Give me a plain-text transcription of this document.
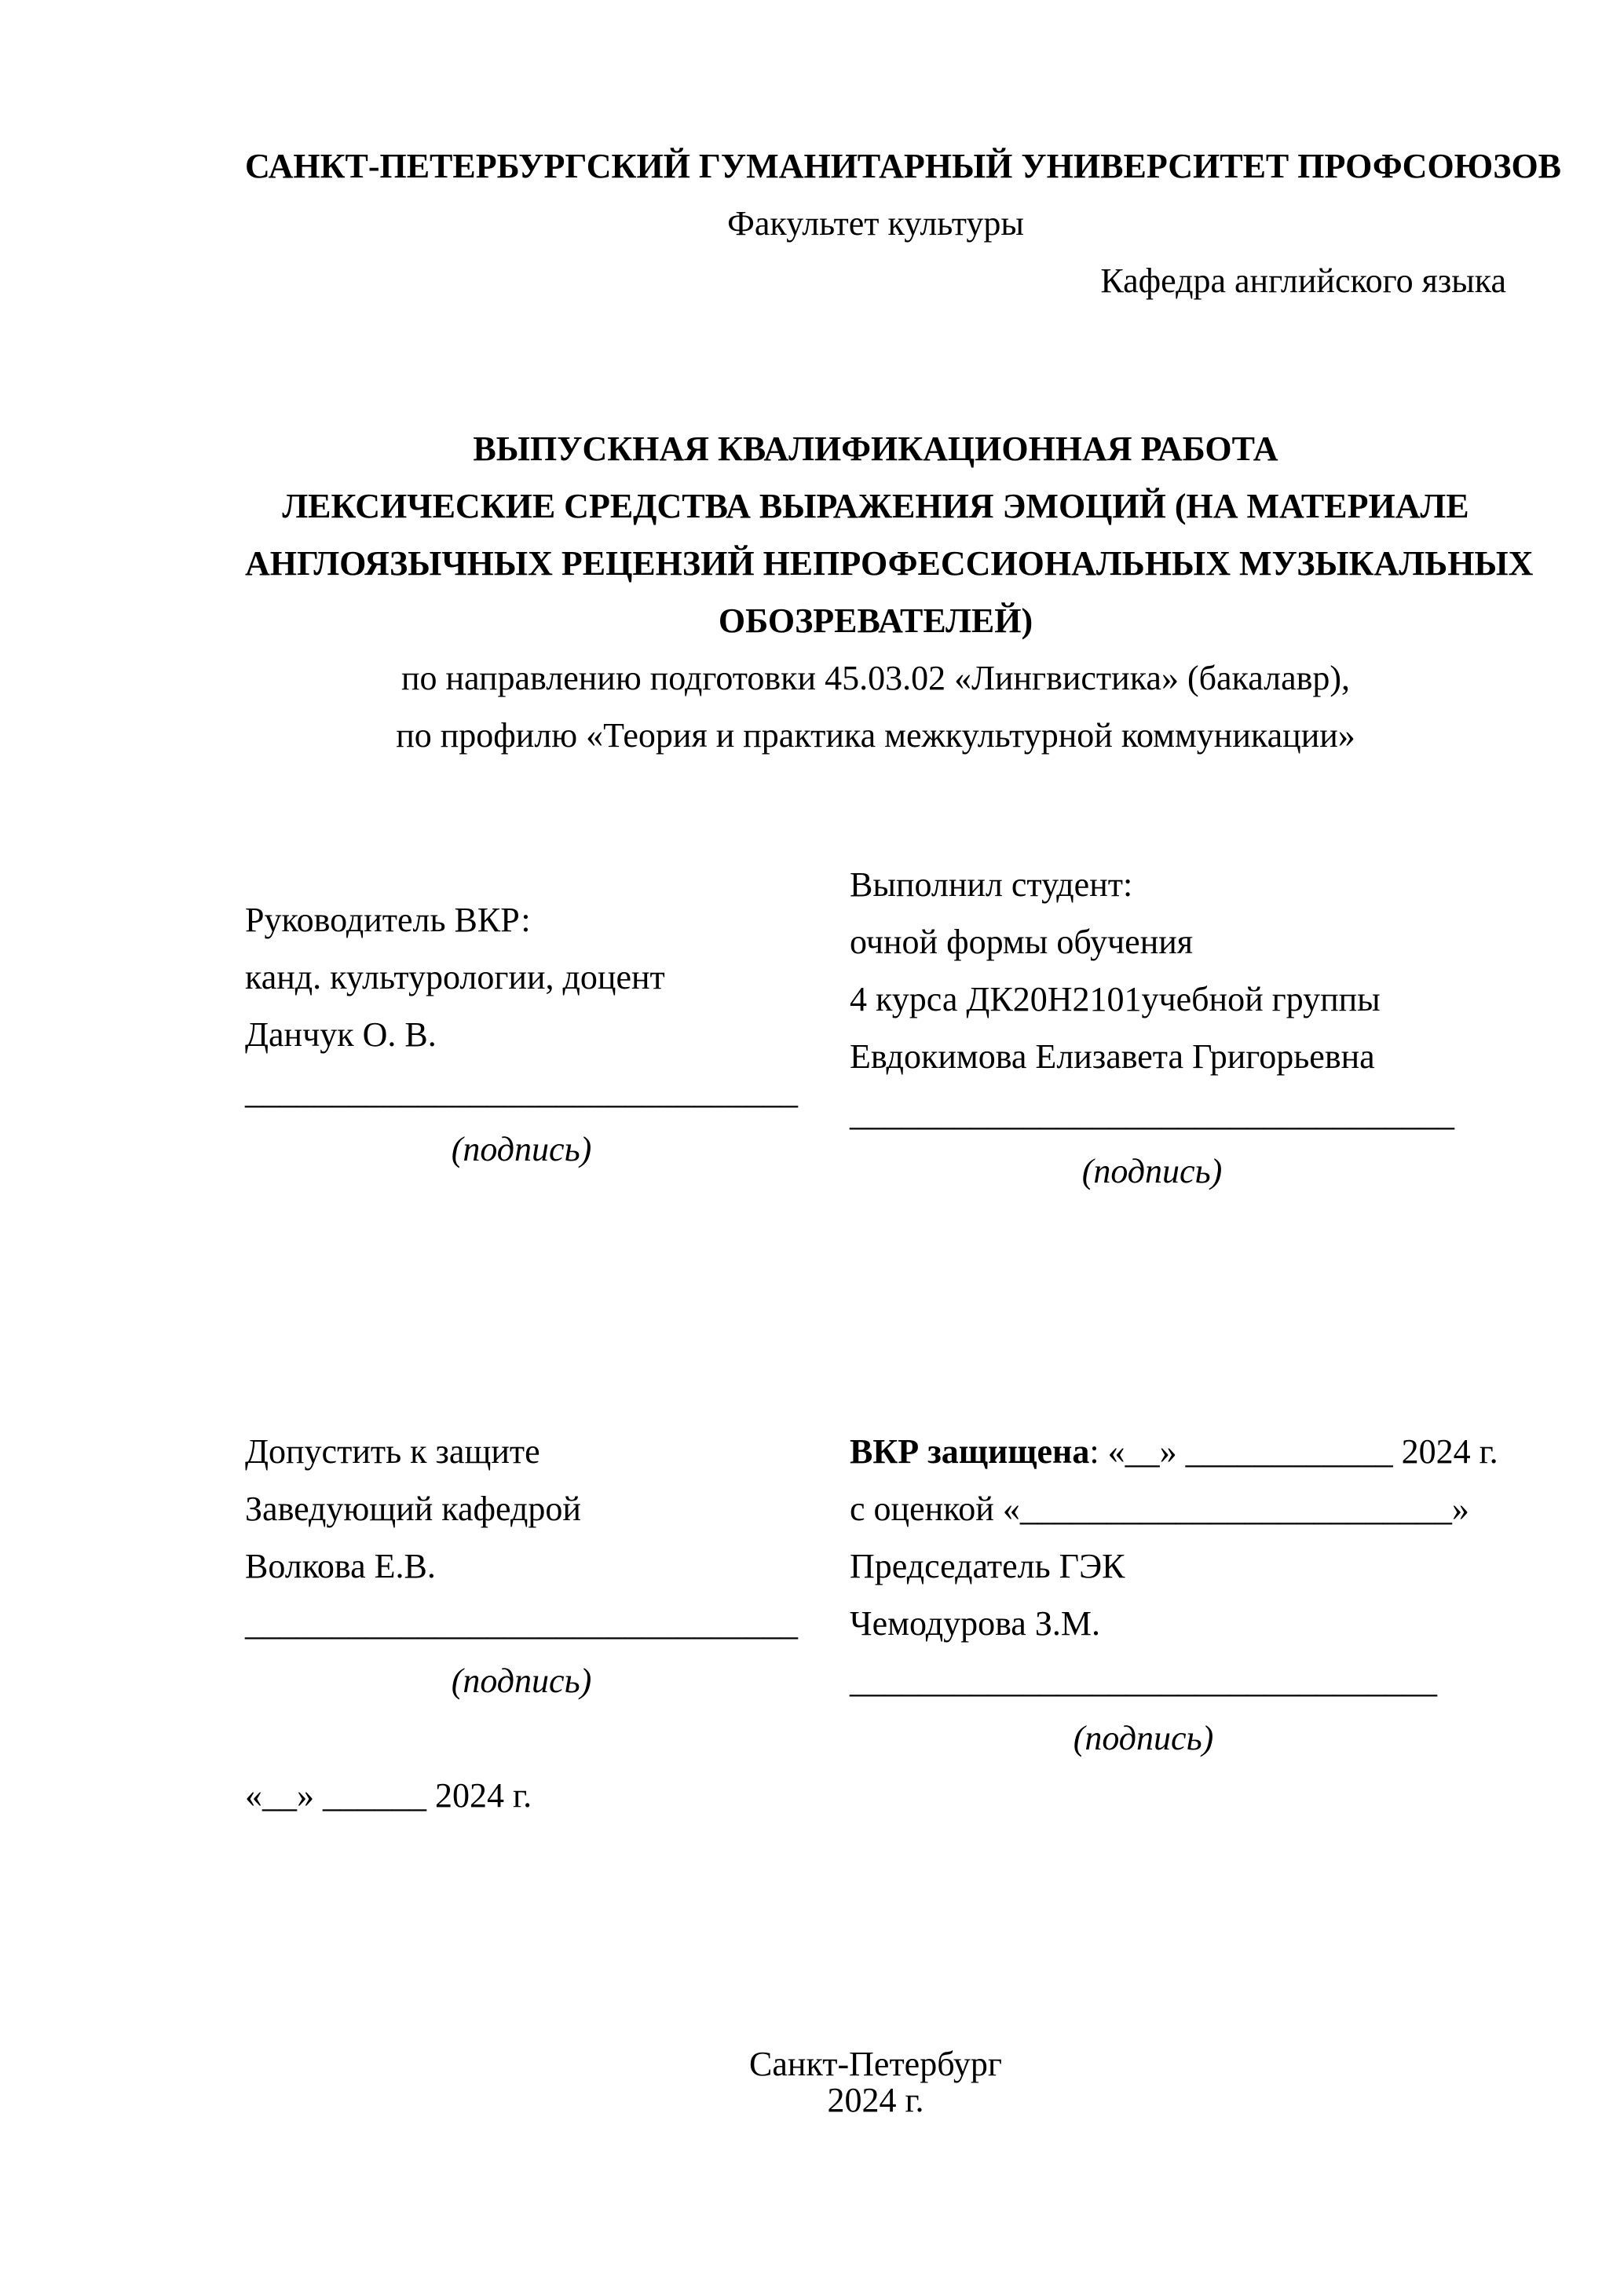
САНКТ-ПЕТЕРБУРГСКИЙ ГУМАНИТАРНЫЙ УНИВЕРСИТЕТ ПРОФСОЮЗОВ

Факультет культуры

Кафедра английского языка

ВЫПУСКНАЯ КВАЛИФИКАЦИОННАЯ РАБОТА

ЛЕКСИЧЕСКИЕ СРЕДСТВА ВЫРАЖЕНИЯ ЭМОЦИЙ (НА МАТЕРИАЛЕ

АНГЛОЯЗЫЧНЫХ РЕЦЕНЗИЙ НЕПРОФЕССИОНАЛЬНЫХ МУЗЫКАЛЬНЫХ

ОБОЗРЕВАТЕЛЕЙ)

по направлению подготовки 45.03.02 «Лингвистика» (бакалавр),

по профилю «Теория и практика межкультурной коммуникации»

Руководитель ВКР:

канд. культурологии, доцент

Данчук О. В.

________________________________

(подпись)

Выполнил студент:

очной формы обучения

4 курса ДК20Н2101учебной группы

Евдокимова Елизавета Григорьевна

___________________________________

(подпись)

Допустить к защите

Заведующий кафедрой

Волкова Е.В.

________________________________

(подпись)

«__» ______ 2024 г.

ВКР защищена: «__» ____________ 2024 г.

с оценкой «_________________________»

Председатель ГЭК

Чемодурова З.М.

__________________________________

(подпись)

Санкт-Петербург

2024 г.
